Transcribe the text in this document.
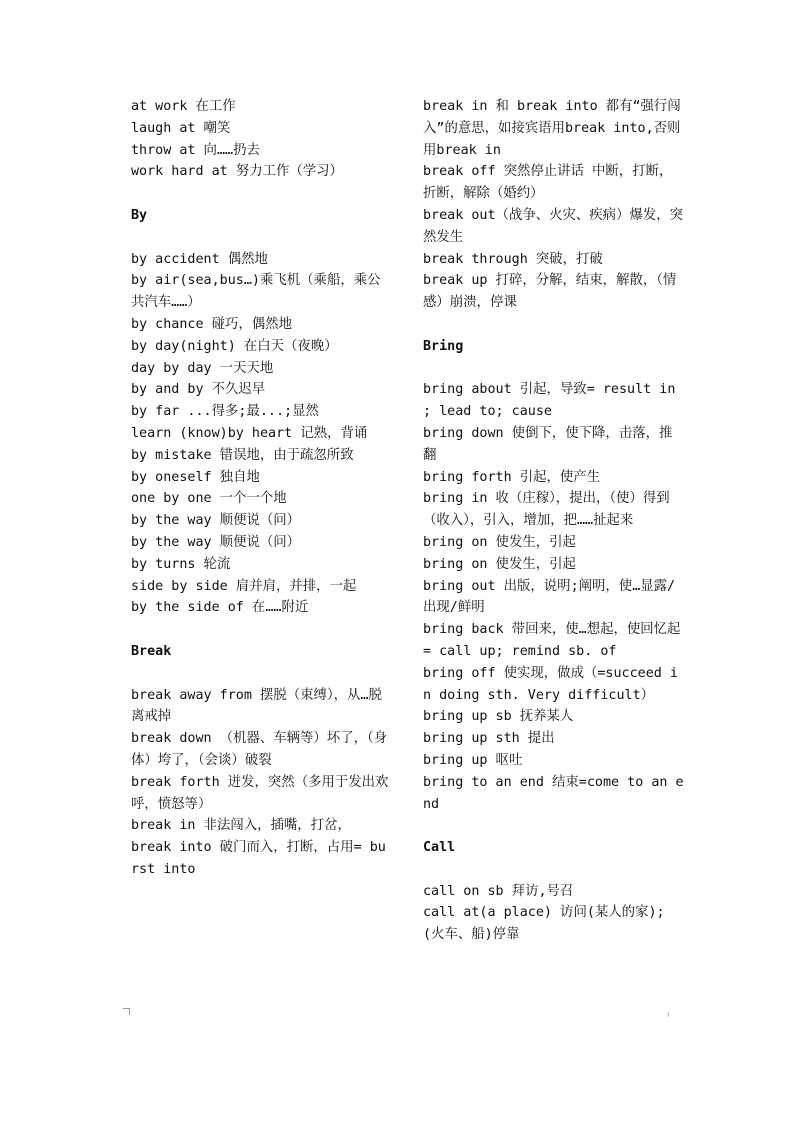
at work 在工作
laugh at 嘲笑
throw at 向……扔去
work hard at 努力工作（学习）
By
by accident 偶然地
by air(sea,bus…)乘飞机（乘船，乘公共汽车……）
by chance 碰巧，偶然地
by day(night) 在白天（夜晚）
day by day 一天天地
by and by 不久迟早
by far ...得多;最...;显然
learn (know)by heart 记熟，背诵
by mistake 错误地，由于疏忽所致
by oneself 独自地
one by one 一个一个地
by the way 顺便说（问）
by the way 顺便说（问）
by turns 轮流
side by side 肩并肩，并排，一起
by the side of 在……附近
Break
break away from 摆脱（束缚），从…脱离戒掉
break down （机器、车辆等）坏了，（身体）垮了，（会谈）破裂
break forth 迸发，突然（多用于发出欢呼，愤怒等）
break in 非法闯入，插嘴，打岔，
break into 破门而入，打断，占用= burst into
break in 和 break into 都有“强行闯入”的意思，如接宾语用break into,否则用break in
break off 突然停止讲话 中断，打断，折断，解除（婚约）
break out（战争、火灾、疾病）爆发，突然发生
break through 突破，打破
break up 打碎，分解，结束，解散，（情感）崩溃，停课
Bring
bring about 引起，导致= result in ; lead to; cause
bring down 使倒下，使下降，击落，推翻
bring forth 引起，使产生
bring in 收（庄稼），提出，（使）得到（收入），引入，增加，把……扯起来
bring on 使发生，引起
bring on 使发生，引起
bring out 出版，说明;阐明，使…显露/出现/鲜明
bring back 带回来，使…想起，使回忆起 = call up; remind sb. of
bring off 使实现，做成（=succeed in doing sth. Very difficult）
bring up sb 抚养某人
bring up sth 提出
bring up 呕吐
bring to an end 结束=come to an end
Call
call on sb 拜访,号召
call at(a place) 访问(某人的家);(火车、船)停靠
